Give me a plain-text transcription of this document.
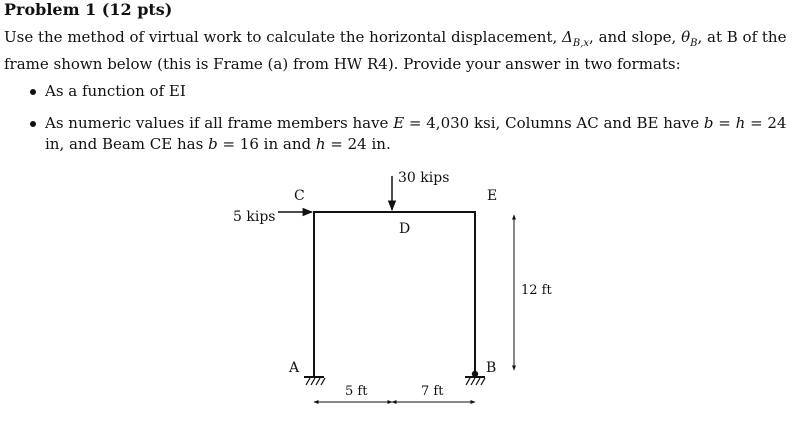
Problem 1 (12 pts)
Use the method of virtual work to calculate the horizontal displacement, $\Delta_{B,x}$, and slope, $\theta_B$, at B of the frame shown below (this is Frame (a) from HW R4). Provide your answer in two formats:
As a function of EI
As numeric values if all frame members have E = 4,030 ksi, Columns AC and BE have b = h = 24 in, and Beam CE has b = 16 in and h = 24 in.
30 kips
5 kips
C
D
E
A	B
12 ft
5 ft	7 ft
